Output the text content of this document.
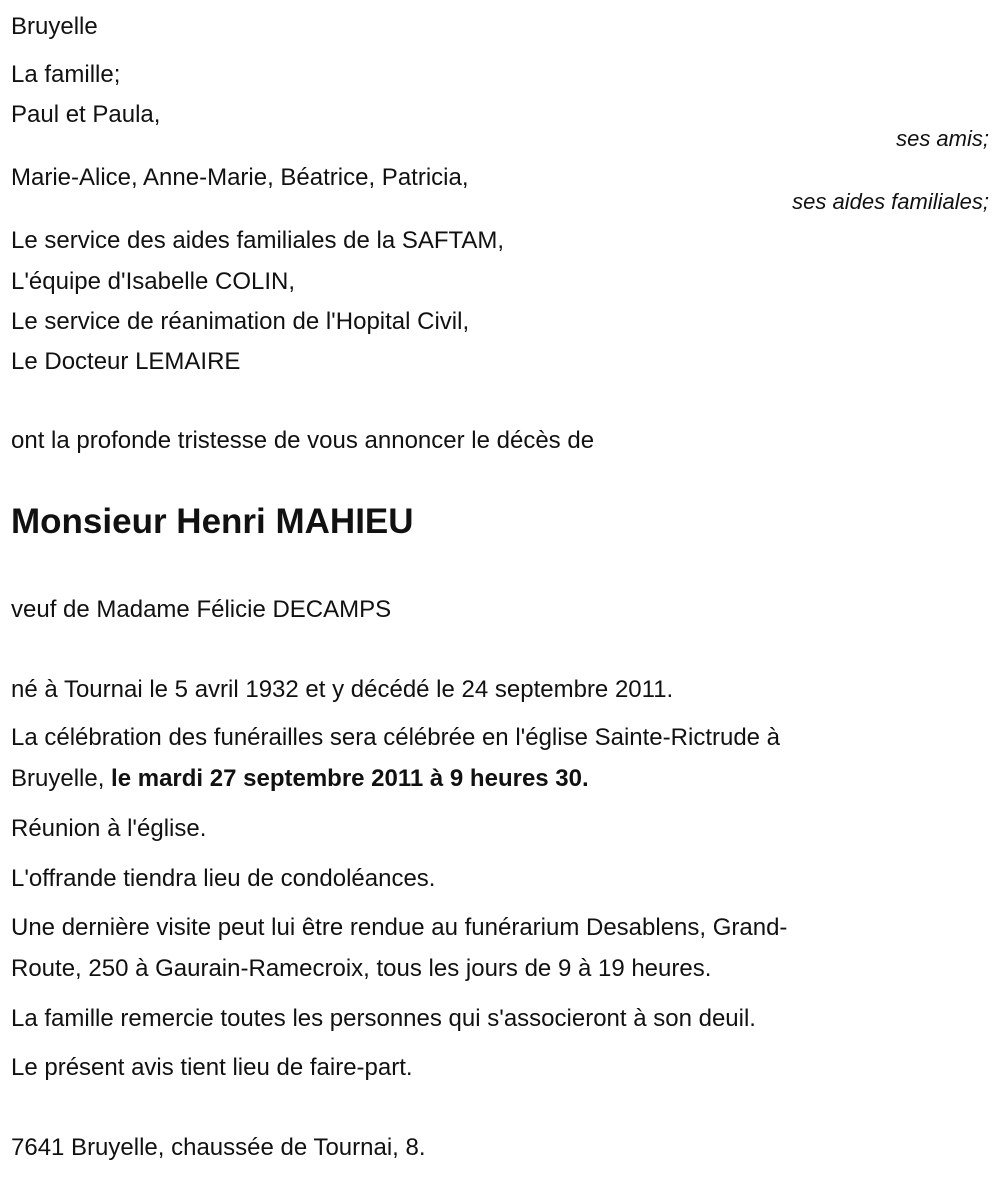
Bruyelle
La famille;
Paul et Paula,
ses amis;
Marie-Alice, Anne-Marie, Béatrice, Patricia,
ses aides familiales;
Le service des aides familiales de la SAFTAM,
L'équipe d'Isabelle COLIN,
Le service de réanimation de l'Hopital Civil,
Le Docteur LEMAIRE
ont la profonde tristesse de vous annoncer le décès de
Monsieur Henri MAHIEU
veuf de Madame Félicie DECAMPS
né à Tournai le 5 avril 1932 et y décédé le 24 septembre 2011.
La célébration des funérailles sera célébrée en l'église Sainte-Rictrude à
Bruyelle, le mardi 27 septembre 2011 à 9 heures 30.
Réunion à l'église.
L'offrande tiendra lieu de condoléances.
Une dernière visite peut lui être rendue au funérarium Desablens, Grand-
Route, 250 à Gaurain-Ramecroix, tous les jours de 9 à 19 heures.
La famille remercie toutes les personnes qui s'associeront à son deuil.
Le présent avis tient lieu de faire-part.
7641 Bruyelle, chaussée de Tournai, 8.
